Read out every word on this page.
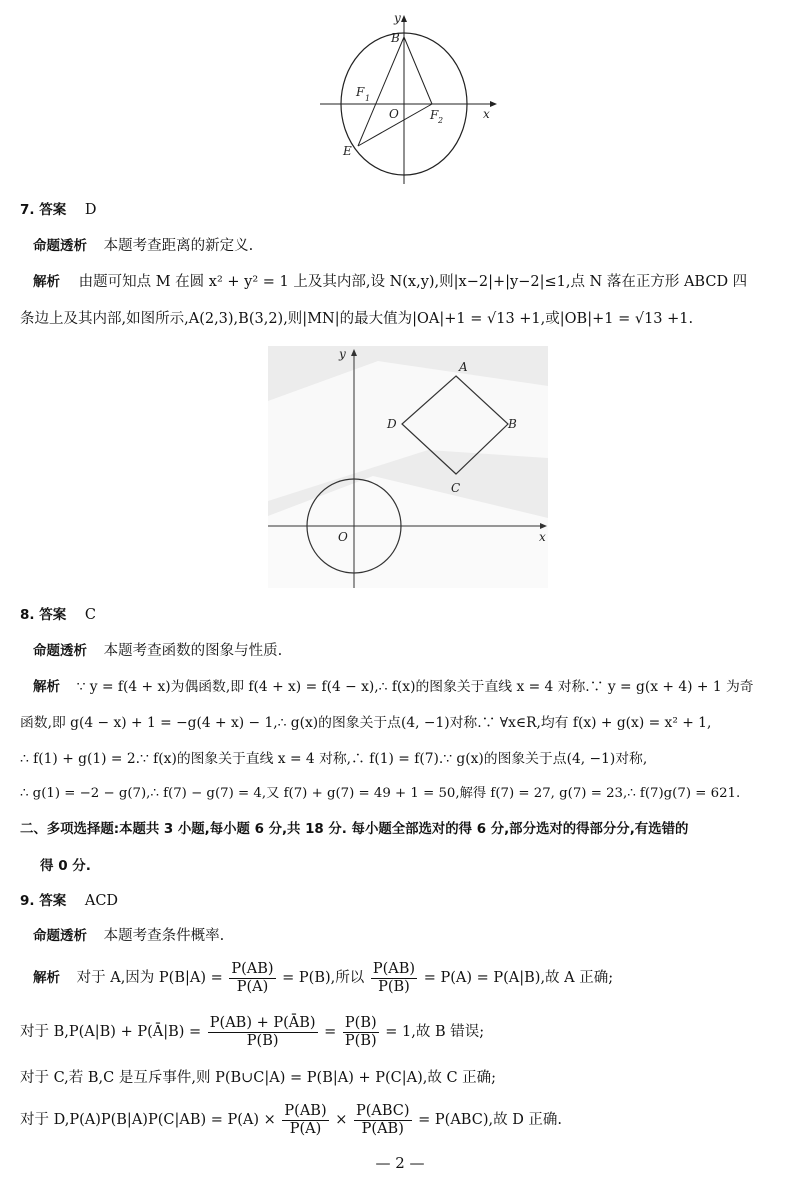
y
B
F 1
O	F 2	x
E
7. 答案 D
命题透析 本题考查距离的新定义.
解析 由题可知点 M 在圆 x² + y² = 1 上及其内部,设 N(x,y),则|x−2|+|y−2|≤1,点 N 落在正方形 ABCD 四
条边上及其内部,如图所示,A(2,3),B(3,2),则|MN|的最大值为|OA|+1 = √13 +1,或|OB|+1 = √13 +1.
y
A
D	B
C
O	x
8. 答案 C
命题透析 本题考查函数的图象与性质.
解析 ∵ y = f(4 + x)为偶函数,即 f(4 + x) = f(4 − x),∴ f(x)的图象关于直线 x = 4 对称.∵ y = g(x + 4) + 1 为奇
函数,即 g(4 − x) + 1 = −g(4 + x) − 1,∴ g(x)的图象关于点(4, −1)对称.∵ ∀x∈R,均有 f(x) + g(x) = x² + 1,
∴ f(1) + g(1) = 2.∵ f(x)的图象关于直线 x = 4 对称,∴ f(1) = f(7).∵ g(x)的图象关于点(4, −1)对称,
∴ g(1) = −2 − g(7),∴ f(7) − g(7) = 4,又 f(7) + g(7) = 49 + 1 = 50,解得 f(7) = 27, g(7) = 23,∴ f(7)g(7) = 621.
二、多项选择题:本题共 3 小题,每小题 6 分,共 18 分. 每小题全部选对的得 6 分,部分选对的得部分分,有选错的
得 0 分.
9. 答案 ACD
命题透析 本题考查条件概率.
解析 对于 A,因为 $P(B|A) = \frac{P(AB)}{P(A)} = P(B)$,所以 $\frac{P(AB)}{P(B)} = P(A) = P(A|B)$,故 A 正确;
对于 B,P(A|B) + P(Ā|B) = $\frac{P(AB) + P(ĀB)}{P(B)} = \frac{P(B)}{P(B)} = 1$,故 B 错误;
对于 C,若 B,C 是互斥事件,则 P(B∪C|A) = P(B|A) + P(C|A),故 C 正确;
对于 $D,P(A)P(B|A)P(C|AB) = P(A) \times \frac{P(AB)}{P(A)} \times \frac{\text{P(ABC)}}{P(AB)} = P(ABC)$,故 D 正确.
— 2 —
